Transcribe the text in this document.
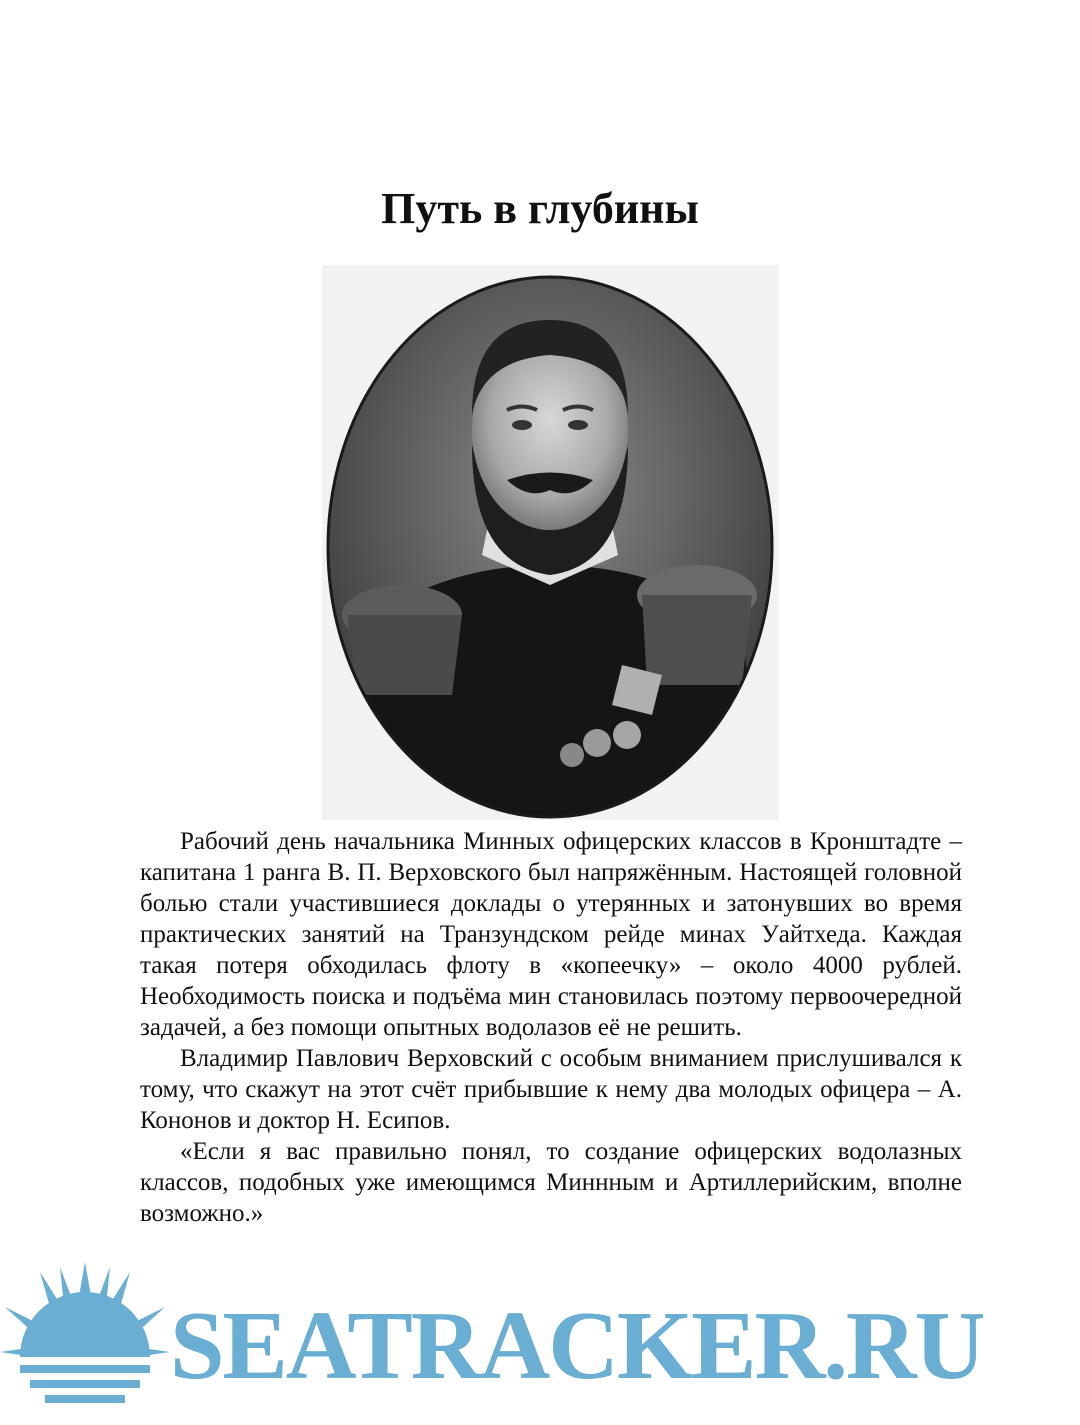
Путь в глубины

Рабочий день начальника Минных офицерских классов в Кронштадте – капитана 1 ранга В. П. Верховского был напряжённым. Настоящей головной болью стали участившиеся доклады о утерянных и затонувших во время практических занятий на Транзундском рейде минах Уайтхеда. Каждая такая потеря обходилась флоту в «копеечку» – около 4000 рублей. Необходимость поиска и подъёма мин становилась поэтому первоочередной задачей, а без помощи опытных водолазов её не решить.

Владимир Павлович Верховский с особым вниманием прислушивался к тому, что скажут на этот счёт прибывшие к нему два молодых офицера – А. Кононов и доктор Н. Есипов.

«Если я вас правильно понял, то создание офицерских водолазных классов, подобных уже имеющимся Миннным и Артиллерийским, вполне возможно.»

SEATRACKER.RU
